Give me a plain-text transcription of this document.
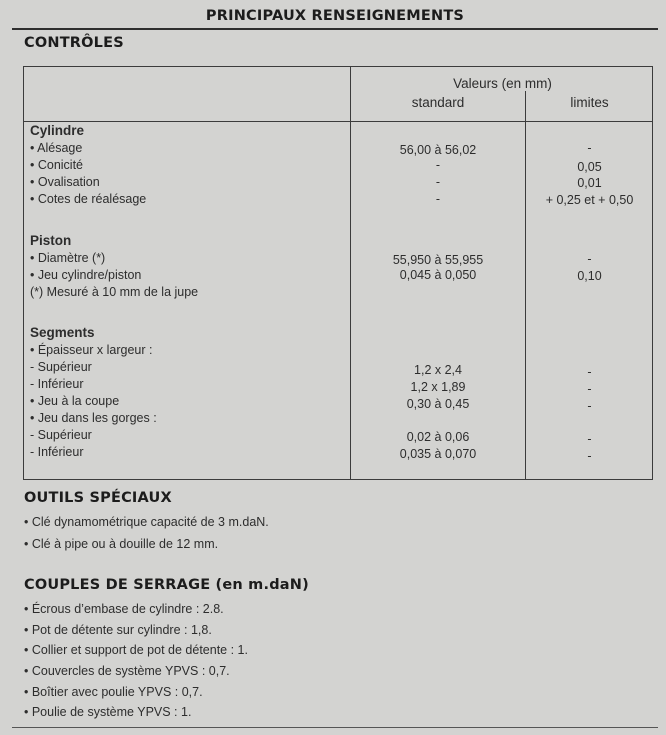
PRINCIPAUX RENSEIGNEMENTS
CONTRÔLES
Valeurs (en mm)
standard	limites
Cylindre
• Alésage	56,00 à 56,02	-
• Conicité	-	0,05
• Ovalisation	-	0,01
• Cotes de réalésage	-	+ 0,25 et + 0,50
Piston
• Diamètre (*)	55,950 à 55,955	-
• Jeu cylindre/piston	0,045 à 0,050	0,10
(*) Mesuré à 10 mm de la jupe
Segments
• Épaisseur x largeur :
- Supérieur	1,2 x 2,4	-
- Inférieur	1,2 x 1,89	-
• Jeu à la coupe	0,30 à 0,45	-
• Jeu dans les gorges :
- Supérieur	0,02 à 0,06	-
- Inférieur	0,035 à 0,070	-
OUTILS SPÉCIAUX
• Clé dynamométrique capacité de 3 m.daN.
• Clé à pipe ou à douille de 12 mm.
COUPLES DE SERRAGE (en m.daN)
• Écrous d’embase de cylindre : 2.8.
• Pot de détente sur cylindre : 1,8.
• Collier et support de pot de détente : 1.
• Couvercles de système YPVS : 0,7.
• Boîtier avec poulie YPVS : 0,7.
• Poulie de système YPVS : 1.
